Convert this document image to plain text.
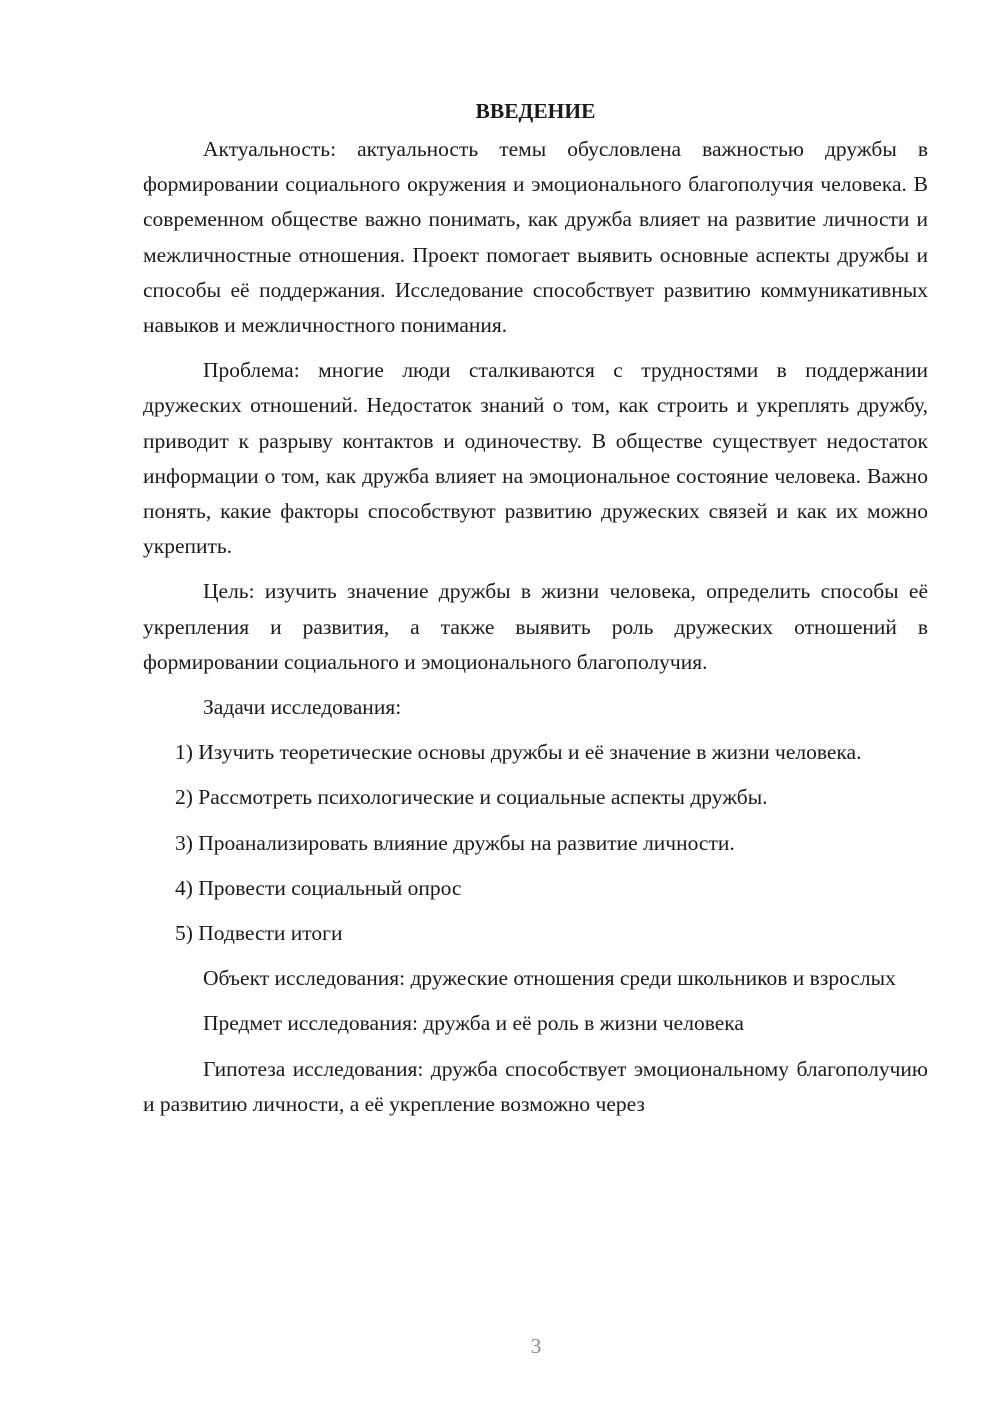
ВВЕДЕНИЕ

Актуальность: актуальность темы обусловлена важностью дружбы в формировании социального окружения и эмоционального благополучия человека. В современном обществе важно понимать, как дружба влияет на развитие личности и межличностные отношения. Проект помогает выявить основные аспекты дружбы и способы её поддержания. Исследование способствует развитию коммуникативных навыков и межличностного понимания.

Проблема: многие люди сталкиваются с трудностями в поддержании дружеских отношений. Недостаток знаний о том, как строить и укреплять дружбу, приводит к разрыву контактов и одиночеству. В обществе существует недостаток информации о том, как дружба влияет на эмоциональное состояние человека. Важно понять, какие факторы способствуют развитию дружеских связей и как их можно укрепить.

Цель: изучить значение дружбы в жизни человека, определить способы её укрепления и развития, а также выявить роль дружеских отношений в формировании социального и эмоционального благополучия.

Задачи исследования:

1) Изучить теоретические основы дружбы и её значение в жизни человека.

2) Рассмотреть психологические и социальные аспекты дружбы.

3) Проанализировать влияние дружбы на развитие личности.

4) Провести социальный опрос

5) Подвести итоги

Объект исследования: дружеские отношения среди школьников и взрослых

Предмет исследования: дружба и её роль в жизни человека

Гипотеза исследования: дружба способствует эмоциональному благополучию и развитию личности, а её укрепление возможно через

3
